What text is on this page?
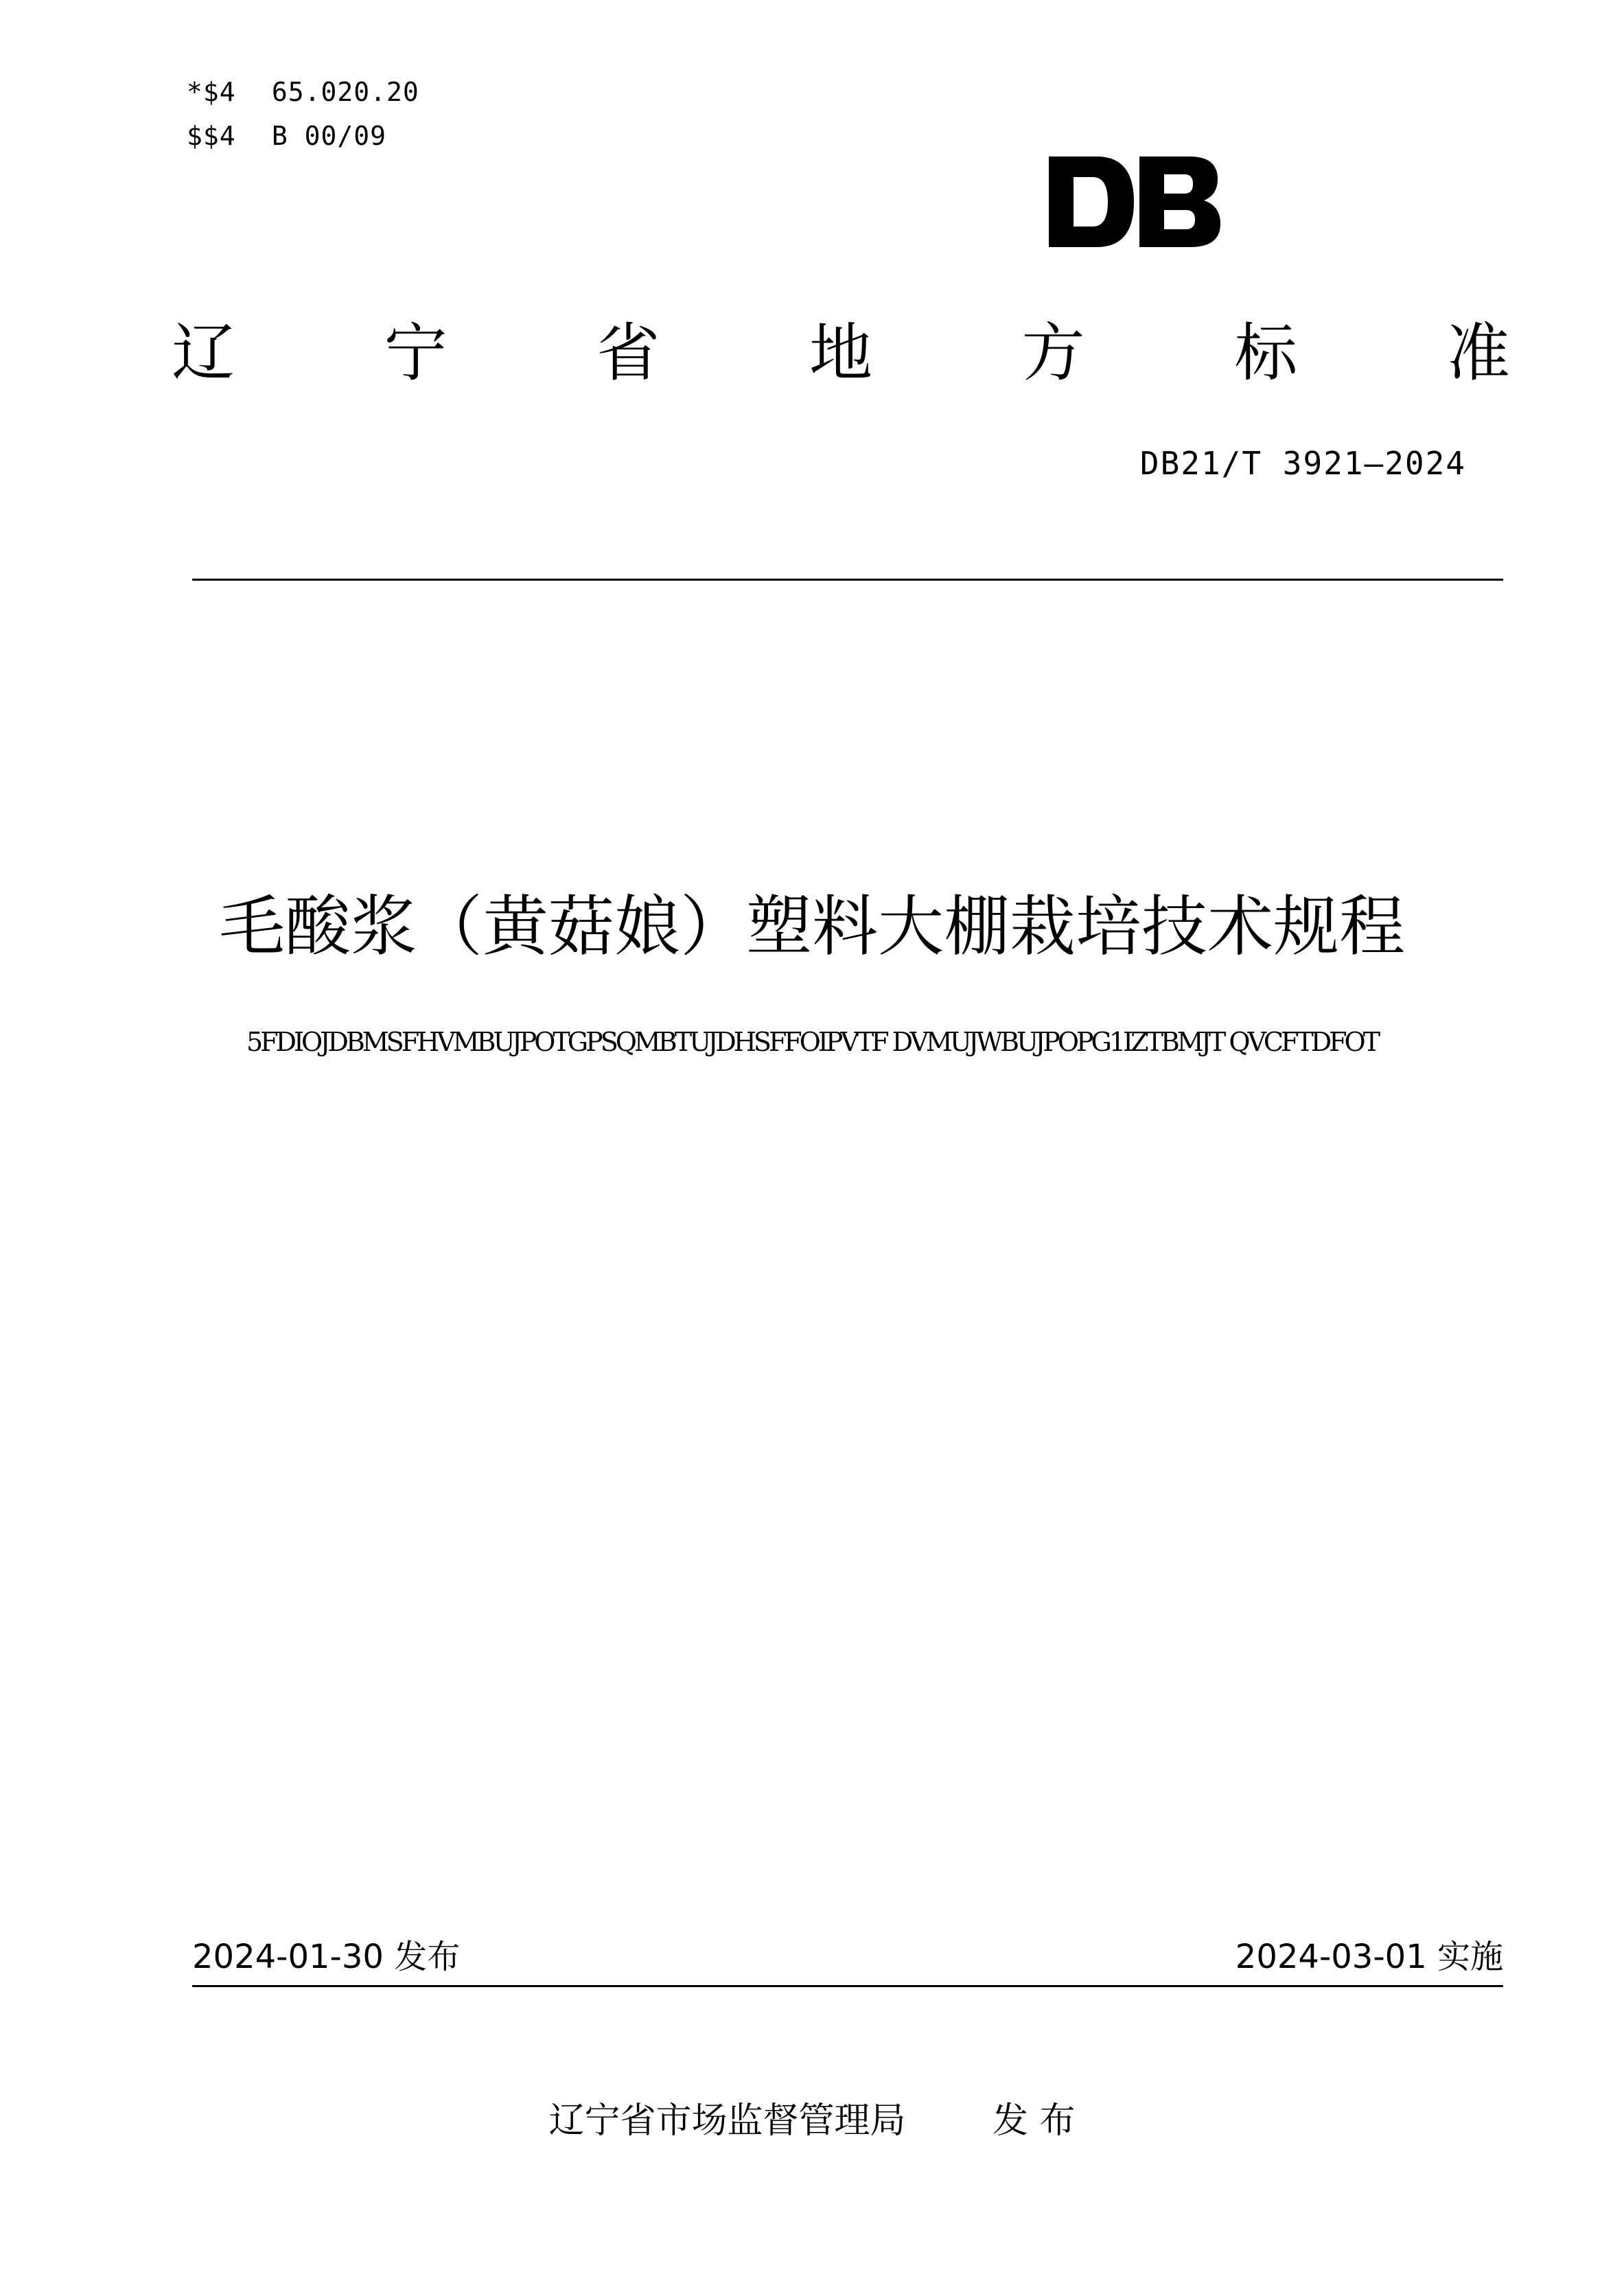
*$4 65.020.20
$$4 B 00/09
辽 宁 省 地 方 标 准
DB21/T 3921—2024
毛酸浆（黄菇娘）塑料大棚栽培技术规程
5FDIOJDBMSFHVMBUJPOTGPSQMBTUJDHSFFOIPVTF DVMUJWBUJPOPG1IZTBMJT QVCFTDFOT
2024-01-30 发布	2024-03-01 实施
辽宁省市场监督管理局 发 布
